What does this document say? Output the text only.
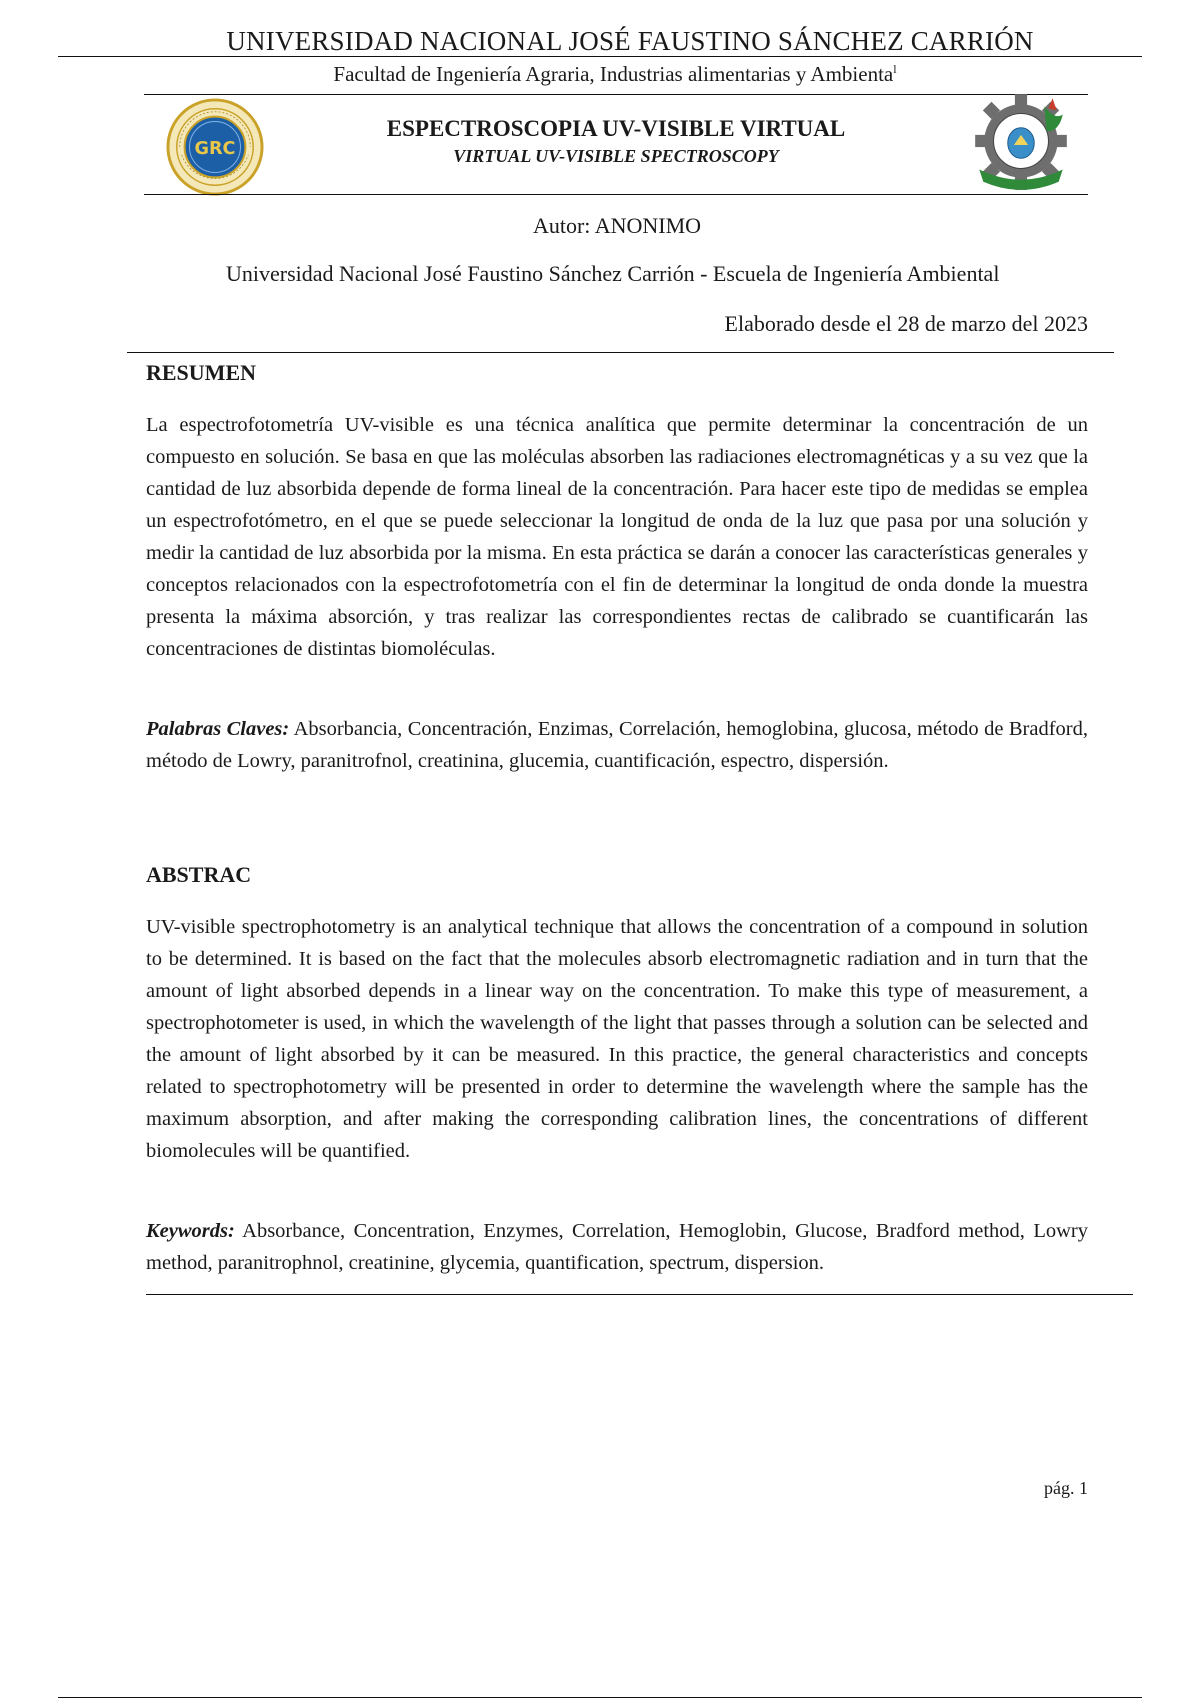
UNIVERSIDAD NACIONAL JOSÉ FAUSTINO SÁNCHEZ CARRIÓN
Facultad de Ingeniería Agraria, Industrias alimentarias y Ambienta$^l$
GRC
ESPECTROSCOPIA UV-VISIBLE VIRTUAL
VIRTUAL UV-VISIBLE SPECTROSCOPY
Autor: ANONIMO
Universidad Nacional José Faustino Sánchez Carrión - Escuela de Ingeniería Ambiental
Elaborado desde el 28 de marzo del 2023
RESUMEN

La espectrofotometría UV-visible es una técnica analítica que permite determinar la concentración de un compuesto en solución. Se basa en que las moléculas absorben las radiaciones electromagnéticas y a su vez que la cantidad de luz absorbida depende de forma lineal de la concentración. Para hacer este tipo de medidas se emplea un espectrofotómetro, en el que se puede seleccionar la longitud de onda de la luz que pasa por una solución y medir la cantidad de luz absorbida por la misma. En esta práctica se darán a conocer las características generales y conceptos relacionados con la espectrofotometría con el fin de determinar la longitud de onda donde la muestra presenta la máxima absorción, y tras realizar las correspondientes rectas de calibrado se cuantificarán las concentraciones de distintas biomoléculas.

Palabras Claves: Absorbancia, Concentración, Enzimas, Correlación, hemoglobina, glucosa, método de Bradford, método de Lowry, paranitrofnol, creatinina, glucemia, cuantificación, espectro, dispersión.

ABSTRAC

UV-visible spectrophotometry is an analytical technique that allows the concentration of a compound in solution to be determined. It is based on the fact that the molecules absorb electromagnetic radiation and in turn that the amount of light absorbed depends in a linear way on the concentration. To make this type of measurement, a spectrophotometer is used, in which the wavelength of the light that passes through a solution can be selected and the amount of light absorbed by it can be measured. In this practice, the general characteristics and concepts related to spectrophotometry will be presented in order to determine the wavelength where the sample has the maximum absorption, and after making the corresponding calibration lines, the concentrations of different biomolecules will be quantified.

Keywords: Absorbance, Concentration, Enzymes, Correlation, Hemoglobin, Glucose, Bradford method, Lowry method, paranitrophnol, creatinine, glycemia, quantification, spectrum, dispersion.

pág. 1
